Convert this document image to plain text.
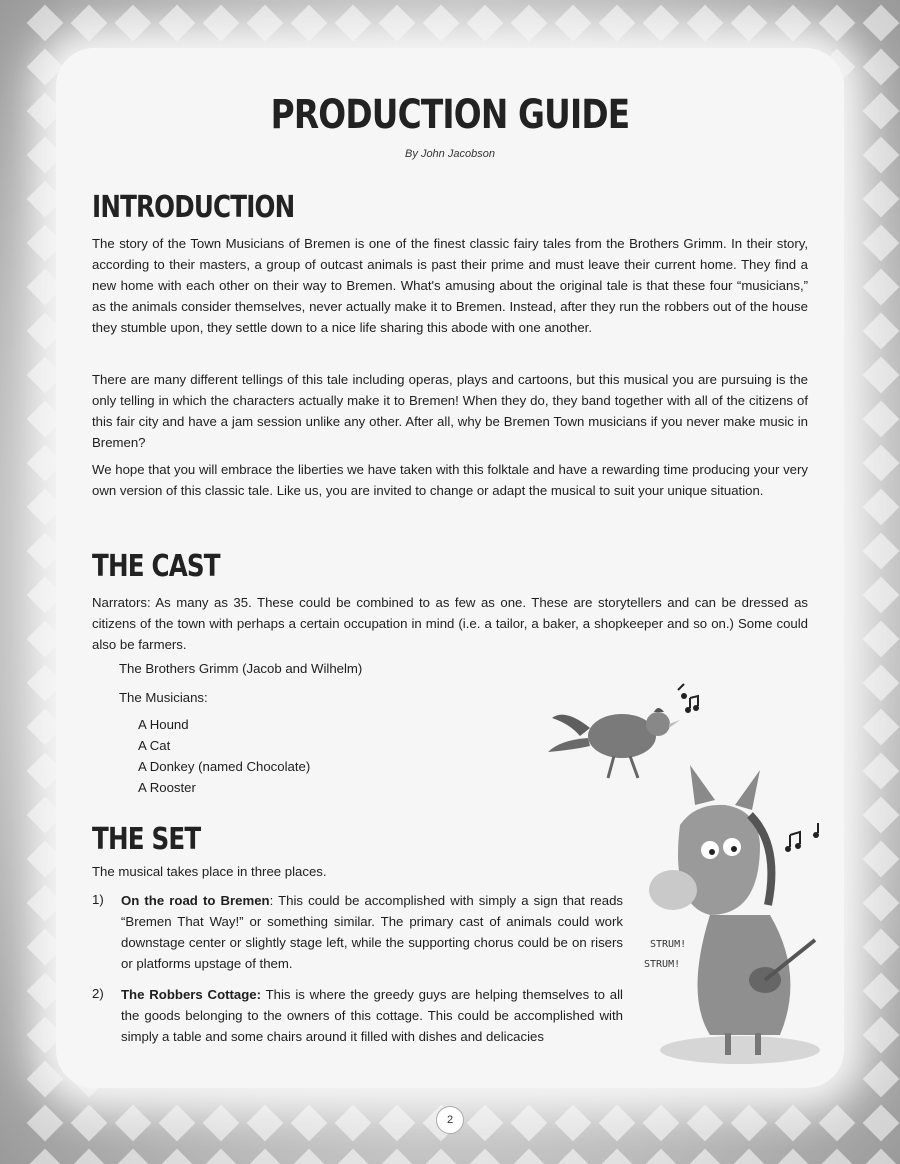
PRODUCTION GUIDE
By John Jacobson
INTRODUCTION

The story of the Town Musicians of Bremen is one of the finest classic fairy tales from the Brothers Grimm. In their story, according to their masters, a group of outcast animals is past their prime and must leave their current home. They find a new home with each other on their way to Bremen. What's amusing about the original tale is that these four “musicians,” as the animals consider themselves, never actually make it to Bremen. Instead, after they run the robbers out of the house they stumble upon, they settle down to a nice life sharing this abode with one another.

There are many different tellings of this tale including operas, plays and cartoons, but this musical you are pursuing is the only telling in which the characters actually make it to Bremen! When they do, they band together with all of the citizens of this fair city and have a jam session unlike any other. After all, why be Bremen Town musicians if you never make music in Bremen?

We hope that you will embrace the liberties we have taken with this folktale and have a rewarding time producing your very own version of this classic tale. Like us, you are invited to change or adapt the musical to suit your unique situation.

THE CAST

Narrators: As many as 35. These could be combined to as few as one. These are storytellers and can be dressed as citizens of the town with perhaps a certain occupation in mind (i.e. a tailor, a baker, a shopkeeper and so on.) Some could also be farmers.

The Brothers Grimm (Jacob and Wilhelm)

The Musicians:

A Hound

A Cat

A Donkey (named Chocolate)

A Rooster

THE SET

The musical takes place in three places.

1) On the road to Bremen: This could be accomplished with simply a sign that reads “Bremen That Way!” or something similar. The primary cast of animals could work downstage center or slightly stage left, while the supporting chorus could be on risers or platforms upstage of them.

2) The Robbers Cottage: This is where the greedy guys are helping themselves to all the goods belonging to the owners of this cottage. This could be accomplished with simply a table and some chairs around it filled with dishes and delicacies

STRUM!
STRUM!
2
